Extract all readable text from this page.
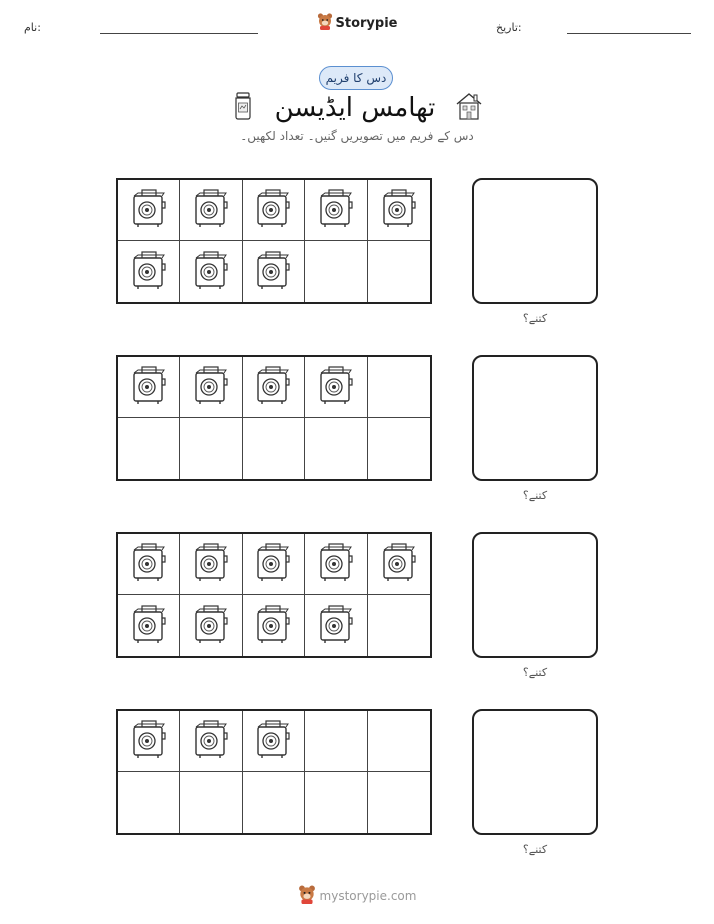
نام:	Storypie	تاریخ:
دس کا فریم
تھامس ایڈیسن
دس کے فریم میں تصویریں گنیں۔ تعداد لکھیں۔
کتنے؟
کتنے؟
کتنے؟
کتنے؟
mystorypie.com
